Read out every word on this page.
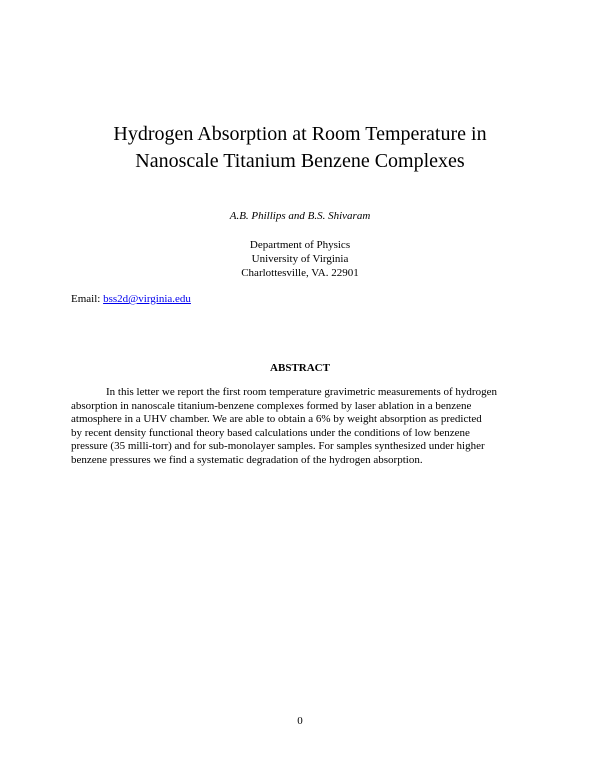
Hydrogen Absorption at Room Temperature in
Nanoscale Titanium Benzene Complexes
A.B. Phillips and B.S. Shivaram
Department of Physics
University of Virginia
Charlottesville, VA. 22901
Email: bss2d@virginia.edu
ABSTRACT
In this letter we report the first room temperature gravimetric measurements of hydrogen
absorption in nanoscale titanium-benzene complexes formed by laser ablation in a benzene
atmosphere in a UHV chamber. We are able to obtain a 6% by weight absorption as predicted
by recent density functional theory based calculations under the conditions of low benzene
pressure (35 milli-torr) and for sub-monolayer samples. For samples synthesized under higher
benzene pressures we find a systematic degradation of the hydrogen absorption.
0
